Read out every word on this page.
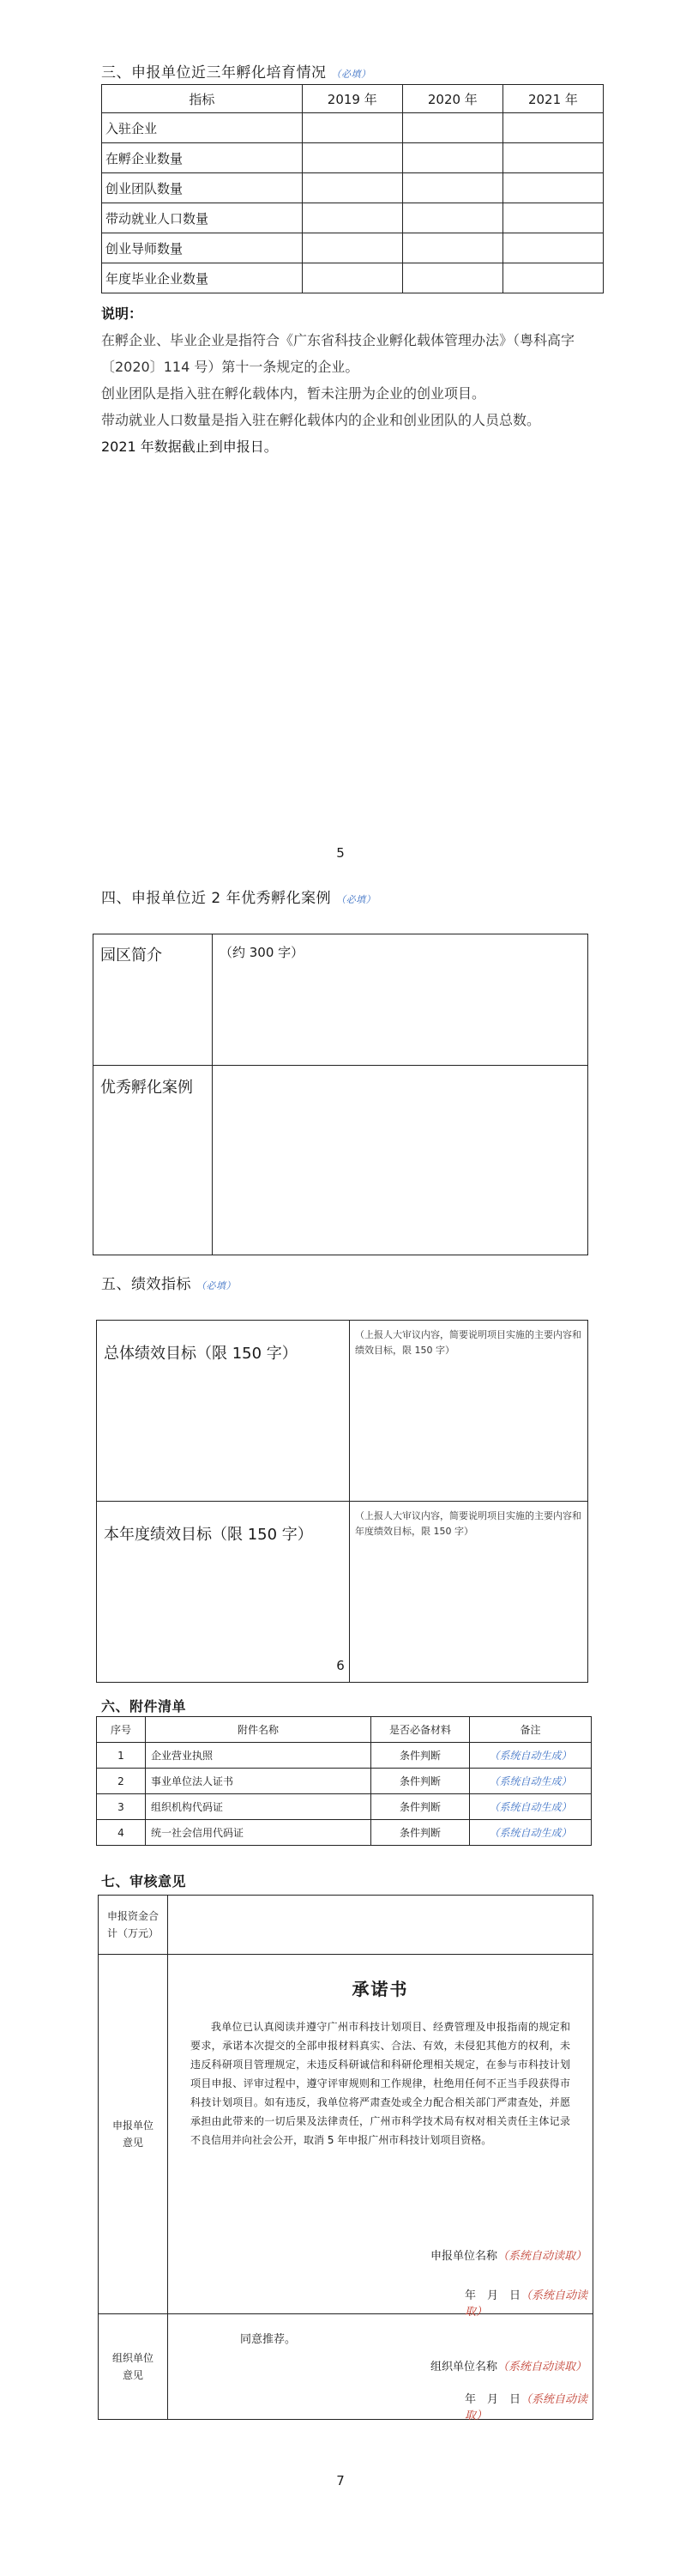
三、申报单位近三年孵化培育情况 （必填）
指标	2019 年	2020 年	2021 年
入驻企业			
在孵企业数量			
创业团队数量			
带动就业人口数量			
创业导师数量			
年度毕业企业数量			
说明：
在孵企业、毕业企业是指符合《广东省科技企业孵化载体管理办法》（粤科高字〔2020〕114 号）第十一条规定的企业。
创业团队是指入驻在孵化载体内，暂未注册为企业的创业项目。
带动就业人口数量是指入驻在孵化载体内的企业和创业团队的人员总数。
2021 年数据截止到申报日。
5
四、申报单位近 2 年优秀孵化案例 （必填）
园区简介	（约 300 字）
优秀孵化案例	
五、绩效指标 （必填）
总体绩效目标（限 150 字）	（上报人大审议内容，简要说明项目实施的主要内容和绩效目标，限 150 字）
本年度绩效目标（限 150 字）	（上报人大审议内容，简要说明项目实施的主要内容和年度绩效目标，限 150 字）
6
六、附件清单
序号	附件名称	是否必备材料	备注
1	企业营业执照	条件判断	（系统自动生成）
2	事业单位法人证书	条件判断	（系统自动生成）
3	组织机构代码证	条件判断	（系统自动生成）
4	统一社会信用代码证	条件判断	（系统自动生成）
七、审核意见
申报资金合计（万元）	
申报单位意见	承诺书
我单位已认真阅读并遵守广州市科技计划项目、经费管理及申报指南的规定和要求，承诺本次提交的全部申报材料真实、合法、有效，未侵犯其他方的权利，未违反科研项目管理规定，未违反科研诚信和科研伦理相关规定，在参与市科技计划项目申报、评审过程中，遵守评审规则和工作规律，杜绝用任何不正当手段获得市科技计划项目。如有违反，我单位将严肃查处或全力配合相关部门严肃查处，并愿承担由此带来的一切后果及法律责任，广州市科学技术局有权对相关责任主体记录不良信用并向社会公开，取消 5 年申报广州市科技计划项目资格。
申报单位名称（系统自动读取）
年　月　日（系统自动读取）

组织单位意见	同意推荐。
组织单位名称（系统自动读取）
年　月　日（系统自动读取）
7
